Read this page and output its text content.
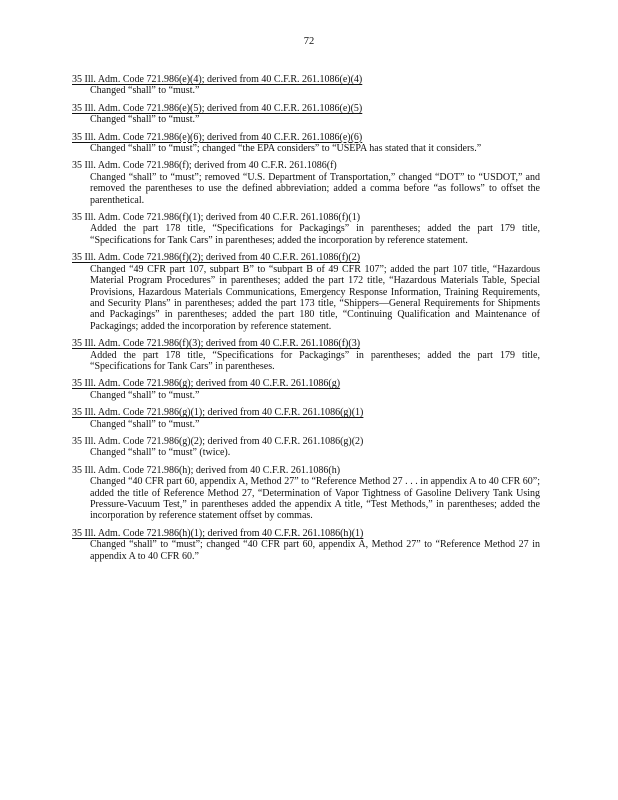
72
35 Ill. Adm. Code 721.986(e)(4); derived from 40 C.F.R. 261.1086(e)(4)
Changed “shall” to “must.”
35 Ill. Adm. Code 721.986(e)(5); derived from 40 C.F.R. 261.1086(e)(5)
Changed “shall” to “must.”
35 Ill. Adm. Code 721.986(e)(6); derived from 40 C.F.R. 261.1086(e)(6)
Changed “shall” to “must”; changed “the EPA considers” to “USEPA has stated that it considers.”
35 Ill. Adm. Code 721.986(f); derived from 40 C.F.R. 261.1086(f)
Changed “shall” to “must”; removed “U.S. Department of Transportation,” changed “DOT” to “USDOT,” and removed the parentheses to use the defined abbreviation; added a comma before “as follows” to offset the parenthetical.
35 Ill. Adm. Code 721.986(f)(1); derived from 40 C.F.R. 261.1086(f)(1)
Added the part 178 title, “Specifications for Packagings” in parentheses; added the part 179 title, “Specifications for Tank Cars” in parentheses; added the incorporation by reference statement.
35 Ill. Adm. Code 721.986(f)(2); derived from 40 C.F.R. 261.1086(f)(2)
Changed “49 CFR part 107, subpart B” to “subpart B of 49 CFR 107”; added the part 107 title, “Hazardous Material Program Procedures” in parentheses; added the part 172 title, “Hazardous Materials Table, Special Provisions, Hazardous Materials Communications, Emergency Response Information, Training Requirements, and Security Plans” in parentheses; added the part 173 title, “Shippers—General Requirements for Shipments and Packagings” in parentheses; added the part 180 title, “Continuing Qualification and Maintenance of Packagings; added the incorporation by reference statement.
35 Ill. Adm. Code 721.986(f)(3); derived from 40 C.F.R. 261.1086(f)(3)
Added the part 178 title, “Specifications for Packagings” in parentheses; added the part 179 title, “Specifications for Tank Cars” in parentheses.
35 Ill. Adm. Code 721.986(g); derived from 40 C.F.R. 261.1086(g)
Changed “shall” to “must.”
35 Ill. Adm. Code 721.986(g)(1); derived from 40 C.F.R. 261.1086(g)(1)
Changed “shall” to “must.”
35 Ill. Adm. Code 721.986(g)(2); derived from 40 C.F.R. 261.1086(g)(2)
Changed “shall” to “must” (twice).
35 Ill. Adm. Code 721.986(h); derived from 40 C.F.R. 261.1086(h)
Changed “40 CFR part 60, appendix A, Method 27” to “Reference Method 27 . . . in appendix A to 40 CFR 60”; added the title of Reference Method 27, “Determination of Vapor Tightness of Gasoline Delivery Tank Using Pressure-Vacuum Test,” in parentheses added the appendix A title, “Test Methods,” in parentheses; added the incorporation by reference statement offset by commas.
35 Ill. Adm. Code 721.986(h)(1); derived from 40 C.F.R. 261.1086(h)(1)
Changed “shall” to “must”; changed “40 CFR part 60, appendix A, Method 27” to “Reference Method 27 in appendix A to 40 CFR 60.”
